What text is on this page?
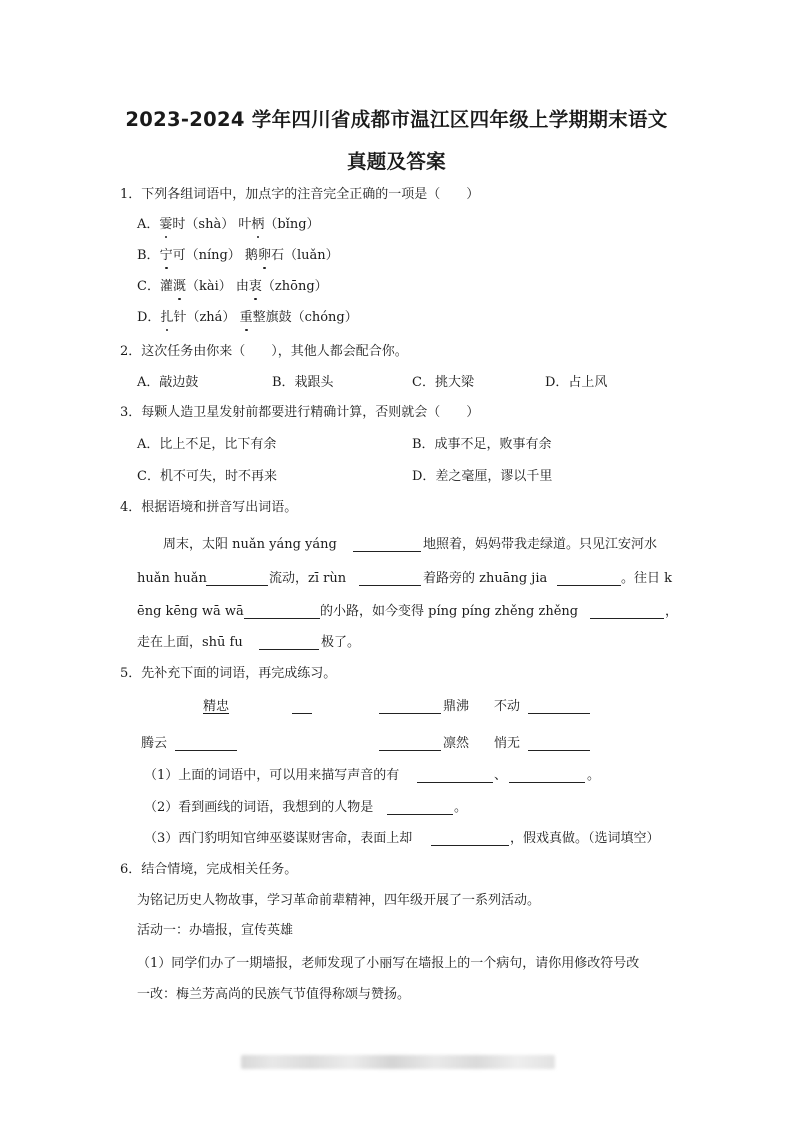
2023-2024 学年四川省成都市温江区四年级上学期期末语文
真题及答案
1．下列各组词语中，加点字的注音完全正确的一项是（　　）
A．霎时（shà） 叶柄（bǐng）
B．宁可（níng） 鹅卵石（luǎn）
C．灌溉（kài） 由衷（zhōng）
D．扎针（zhá） 重整旗鼓（chóng）
2．这次任务由你来（　　），其他人都会配合你。
A．敲边鼓	B．栽跟头	C．挑大梁	D．占上风
3．每颗人造卫星发射前都要进行精确计算，否则就会（　　）
A．比上不足，比下有余	B．成事不足，败事有余
C．机不可失，时不再来	D．差之毫厘，谬以千里
4．根据语境和拼音写出词语。
周末，太阳 nuǎn yáng yáng	地照着，妈妈带我走绿道。只见江安河水
huǎn huǎn	流动，zī rùn	着路旁的 zhuāng jia	。往日 k
ēng kēng wā wā	的小路，如今变得 píng píng zhěng zhěng	，
走在上面，shū fu	极了。
5．先补充下面的词语，再完成练习。
精忠	鼎沸 不动
腾云	凛然 悄无
（1）上面的词语中，可以用来描写声音的有	、	。
（2）看到画线的词语，我想到的人物是	。
（3）西门豹明知官绅巫婆谋财害命，表面上却	，假戏真做。（选词填空）
6．结合情境，完成相关任务。
为铭记历史人物故事，学习革命前辈精神，四年级开展了一系列活动。
活动一：办墙报，宣传英雄
（1）同学们办了一期墙报，老师发现了小丽写在墙报上的一个病句，请你用修改符号改
一改：梅兰芳高尚的民族气节值得称颂与赞扬。
